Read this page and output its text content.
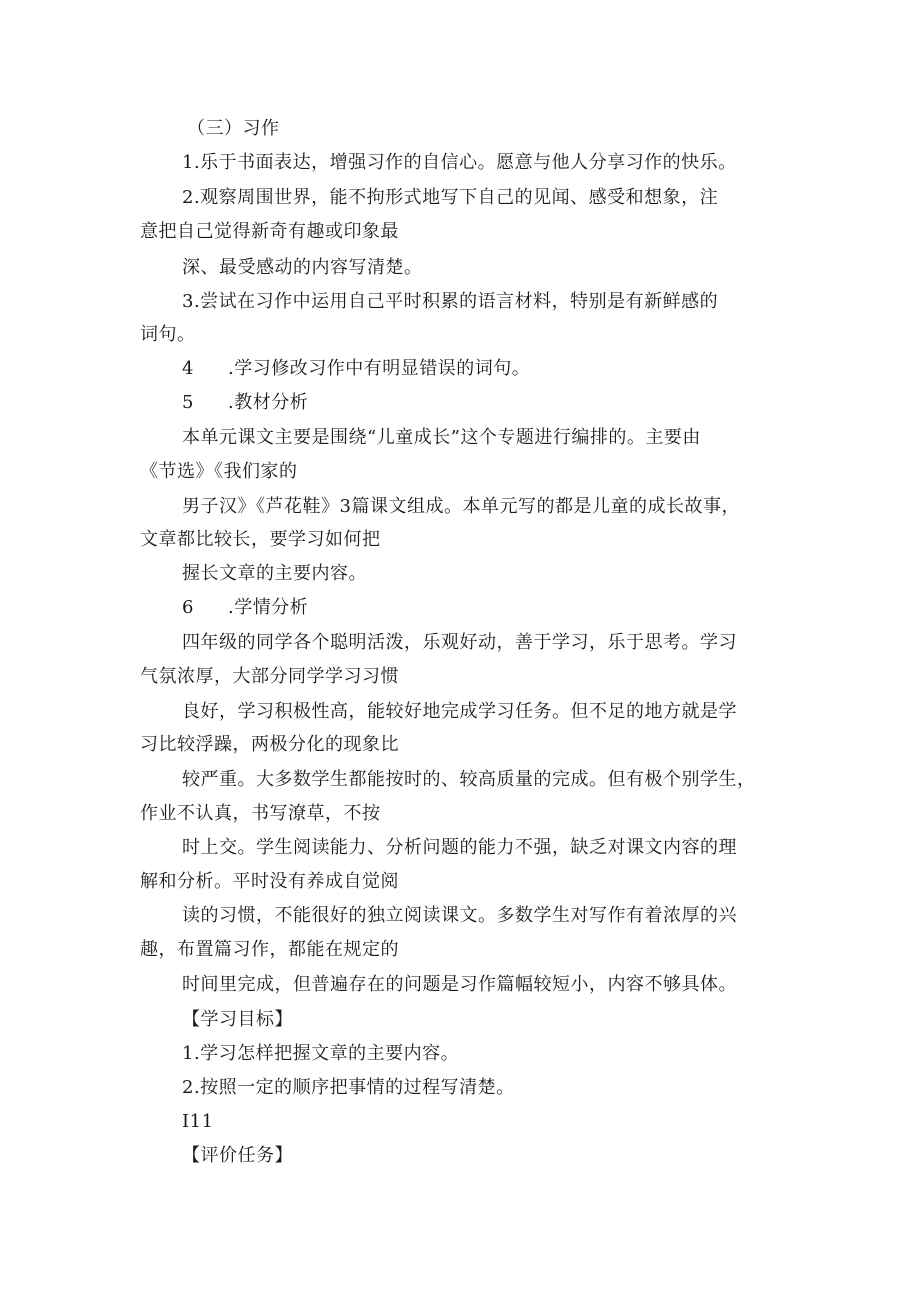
（三）习作
1.乐于书面表达，增强习作的自信心。愿意与他人分享习作的快乐。
2.观察周围世界，能不拘形式地写下自己的见闻、感受和想象，注
意把自己觉得新奇有趣或印象最
深、最受感动的内容写清楚。
3.尝试在习作中运用自己平时积累的语言材料，特别是有新鲜感的
词句。
4 .学习修改习作中有明显错误的词句。
5 .教材分析
本单元课文主要是围绕“儿童成长”这个专题进行编排的。主要由
《节选》《我们家的
男子汉》《芦花鞋》3篇课文组成。本单元写的都是儿童的成长故事，
文章都比较长，要学习如何把
握长文章的主要内容。
6 .学情分析
四年级的同学各个聪明活泼，乐观好动，善于学习，乐于思考。学习
气氛浓厚，大部分同学学习习惯
良好，学习积极性高，能较好地完成学习任务。但不足的地方就是学
习比较浮躁，两极分化的现象比
较严重。大多数学生都能按时的、较高质量的完成。但有极个别学生，
作业不认真，书写潦草，不按
时上交。学生阅读能力、分析问题的能力不强，缺乏对课文内容的理
解和分析。平时没有养成自觉阅
读的习惯，不能很好的独立阅读课文。多数学生对写作有着浓厚的兴
趣，布置篇习作，都能在规定的
时间里完成，但普遍存在的问题是习作篇幅较短小，内容不够具体。
【学习目标】
1.学习怎样把握文章的主要内容。
2.按照一定的顺序把事情的过程写清楚。
I11
【评价任务】
